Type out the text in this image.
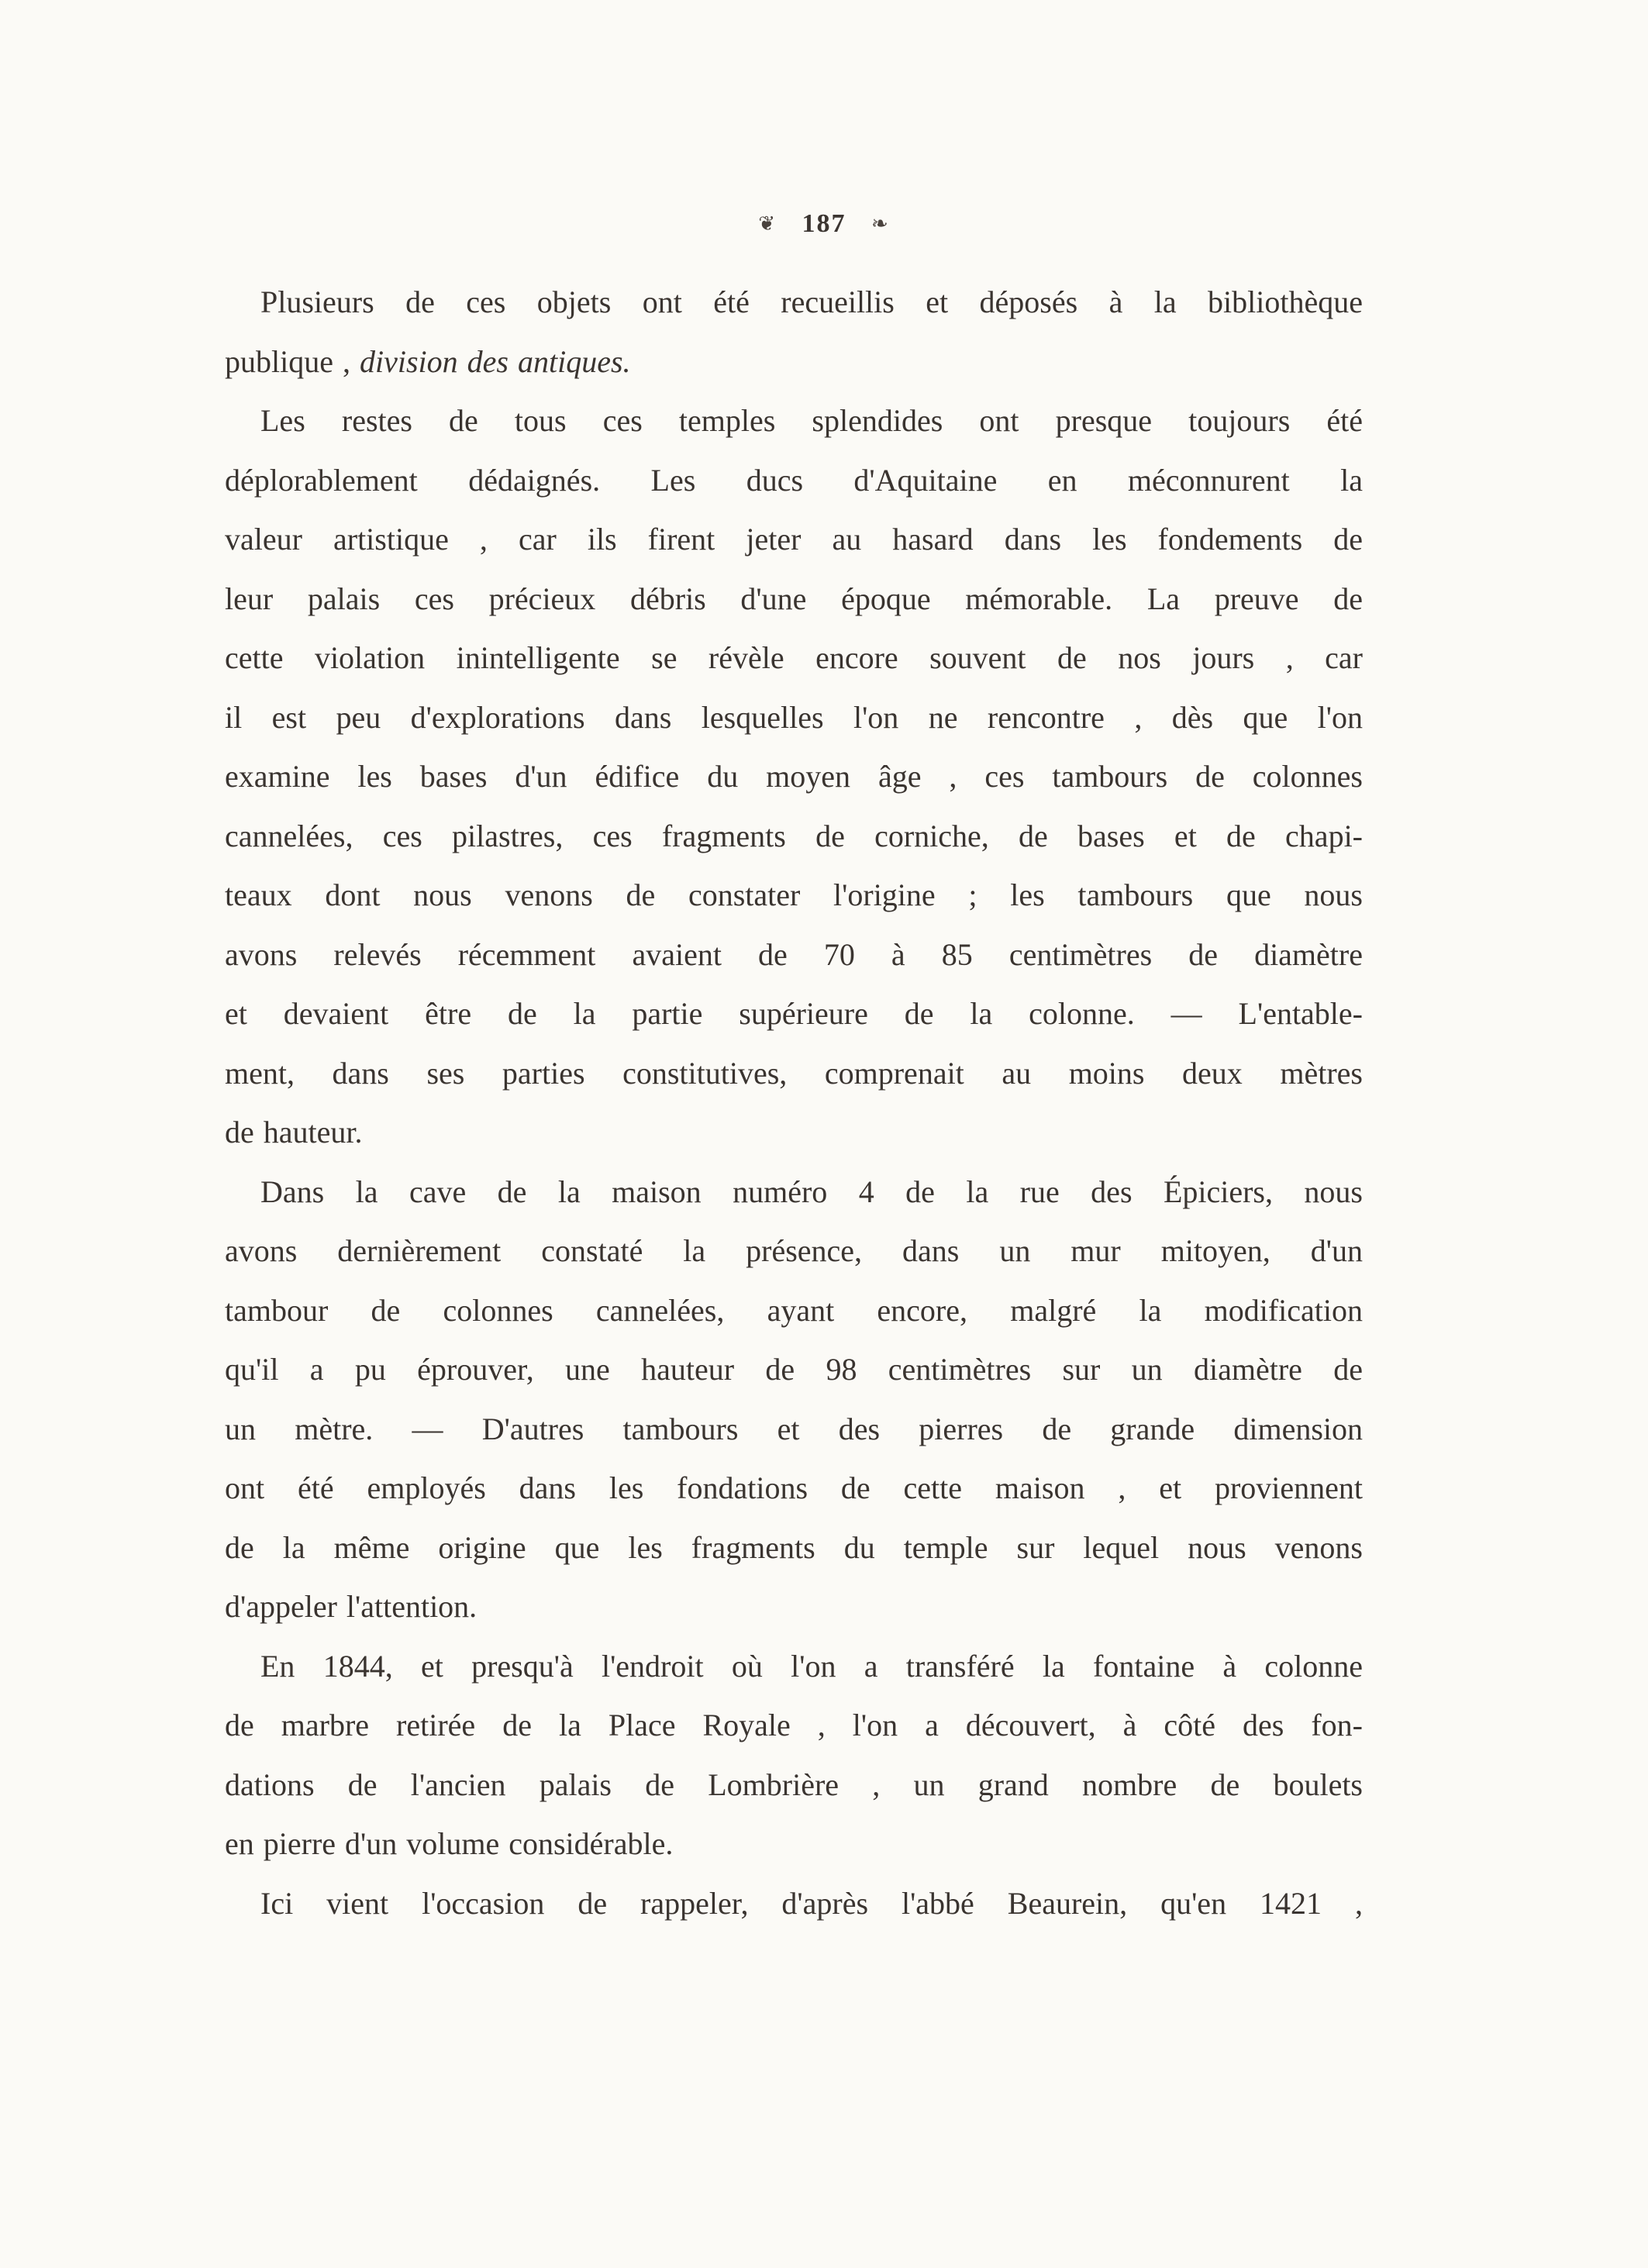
❦ 187 ❧
Plusieurs de ces objets ont été recueillis et déposés à la bibliothèque
publique , division des antiques.
Les restes de tous ces temples splendides ont presque toujours été
déplorablement dédaignés. Les ducs d'Aquitaine en méconnurent la
valeur artistique , car ils firent jeter au hasard dans les fondements de
leur palais ces précieux débris d'une époque mémorable. La preuve de
cette violation inintelligente se révèle encore souvent de nos jours , car
il est peu d'explorations dans lesquelles l'on ne rencontre , dès que l'on
examine les bases d'un édifice du moyen âge , ces tambours de colonnes
cannelées, ces pilastres, ces fragments de corniche, de bases et de chapi-
teaux dont nous venons de constater l'origine ; les tambours que nous
avons relevés récemment avaient de 70 à 85 centimètres de diamètre
et devaient être de la partie supérieure de la colonne. — L'entable-
ment, dans ses parties constitutives, comprenait au moins deux mètres
de hauteur.
Dans la cave de la maison numéro 4 de la rue des Épiciers, nous
avons dernièrement constaté la présence, dans un mur mitoyen, d'un
tambour de colonnes cannelées, ayant encore, malgré la modification
qu'il a pu éprouver, une hauteur de 98 centimètres sur un diamètre de
un mètre. — D'autres tambours et des pierres de grande dimension
ont été employés dans les fondations de cette maison , et proviennent
de la même origine que les fragments du temple sur lequel nous venons
d'appeler l'attention.
En 1844, et presqu'à l'endroit où l'on a transféré la fontaine à colonne
de marbre retirée de la Place Royale , l'on a découvert, à côté des fon-
dations de l'ancien palais de Lombrière , un grand nombre de boulets
en pierre d'un volume considérable.
Ici vient l'occasion de rappeler, d'après l'abbé Beaurein, qu'en 1421 ,
